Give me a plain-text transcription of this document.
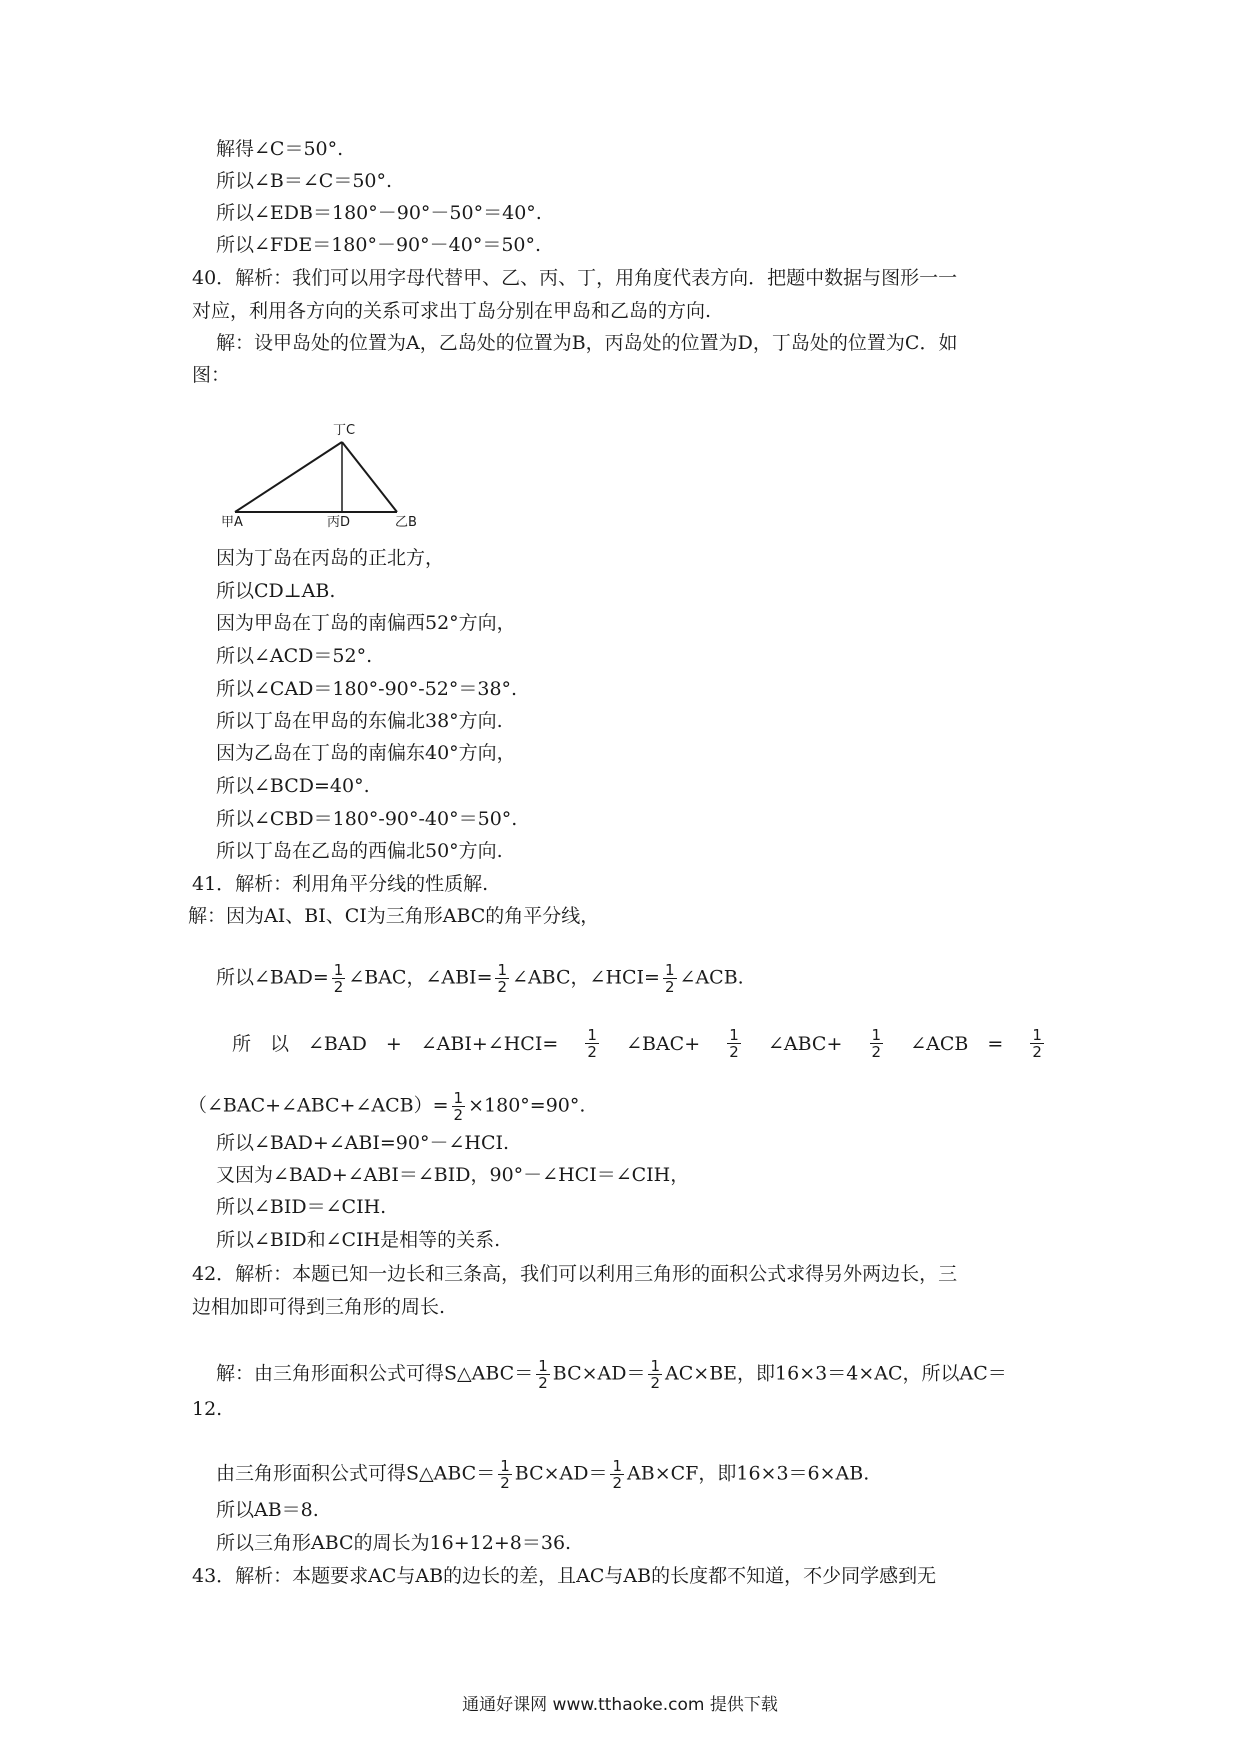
解得∠C＝50°.
所以∠B＝∠C＝50°.
所以∠EDB＝180°－90°－50°＝40°.
所以∠FDE＝180°－90°－40°＝50°.
40．解析：我们可以用字母代替甲、乙、丙、丁，用角度代表方向．把题中数据与图形一一
对应，利用各方向的关系可求出丁岛分别在甲岛和乙岛的方向.
解：设甲岛处的位置为A，乙岛处的位置为B，丙岛处的位置为D，丁岛处的位置为C．如
图：
丁C
甲A	丙D	乙B
因为丁岛在丙岛的正北方，
所以CD⊥AB.
因为甲岛在丁岛的南偏西52°方向，
所以∠ACD＝52°.
所以∠CAD＝180°-90°-52°＝38°.
所以丁岛在甲岛的东偏北38°方向.
因为乙岛在丁岛的南偏东40°方向，
所以∠BCD=40°.
所以∠CBD＝180°-90°-40°＝50°.
所以丁岛在乙岛的西偏北50°方向.
41．解析：利用角平分线的性质解.
解：因为AI、BI、CI为三角形ABC的角平分线，
所以∠BAD= $\frac{1}{2}$ ∠BAC，∠ABI= $\frac{1}{2}$ ∠ABC，∠HCI= $\frac{1}{2}$ ∠ACB.
所　以　∠BAD　+　∠ABI+∠HCI= $\frac{1}{2}$ ∠BAC+ $\frac{1}{2}$ ∠ABC+ $\frac{1}{2}$ ∠ACB　= $\frac{1}{2}$
（∠BAC+∠ABC+∠ACB）= $\frac{1}{2} \times 180^\circ=90^\circ$.
所以∠BAD+∠ABI=90°－∠HCI.
又因为∠BAD+∠ABI＝∠BID，90°－∠HCI＝∠CIH，
所以∠BID＝∠CIH.
所以∠BID和∠CIH是相等的关系.
42．解析：本题已知一边长和三条高，我们可以利用三角形的面积公式求得另外两边长，三
边相加即可得到三角形的周长.
解：由三角形面积公式可得S△ABC＝ $\frac{1}{2} BC\times AD= \frac{1}{2} AC\times BE$，即16×3＝4×AC，所以AC＝
12.
由三角形面积公式可得S△ABC＝ $\frac{1}{2} BC\times AD= \frac{1}{2} AB\times CF$，即16×3＝6×AB.
所以AB＝8.
所以三角形ABC的周长为16+12+8＝36.
43．解析：本题要求AC与AB的边长的差，且AC与AB的长度都不知道，不少同学感到无
通通好课网 www.tthaoke.com 提供下载
